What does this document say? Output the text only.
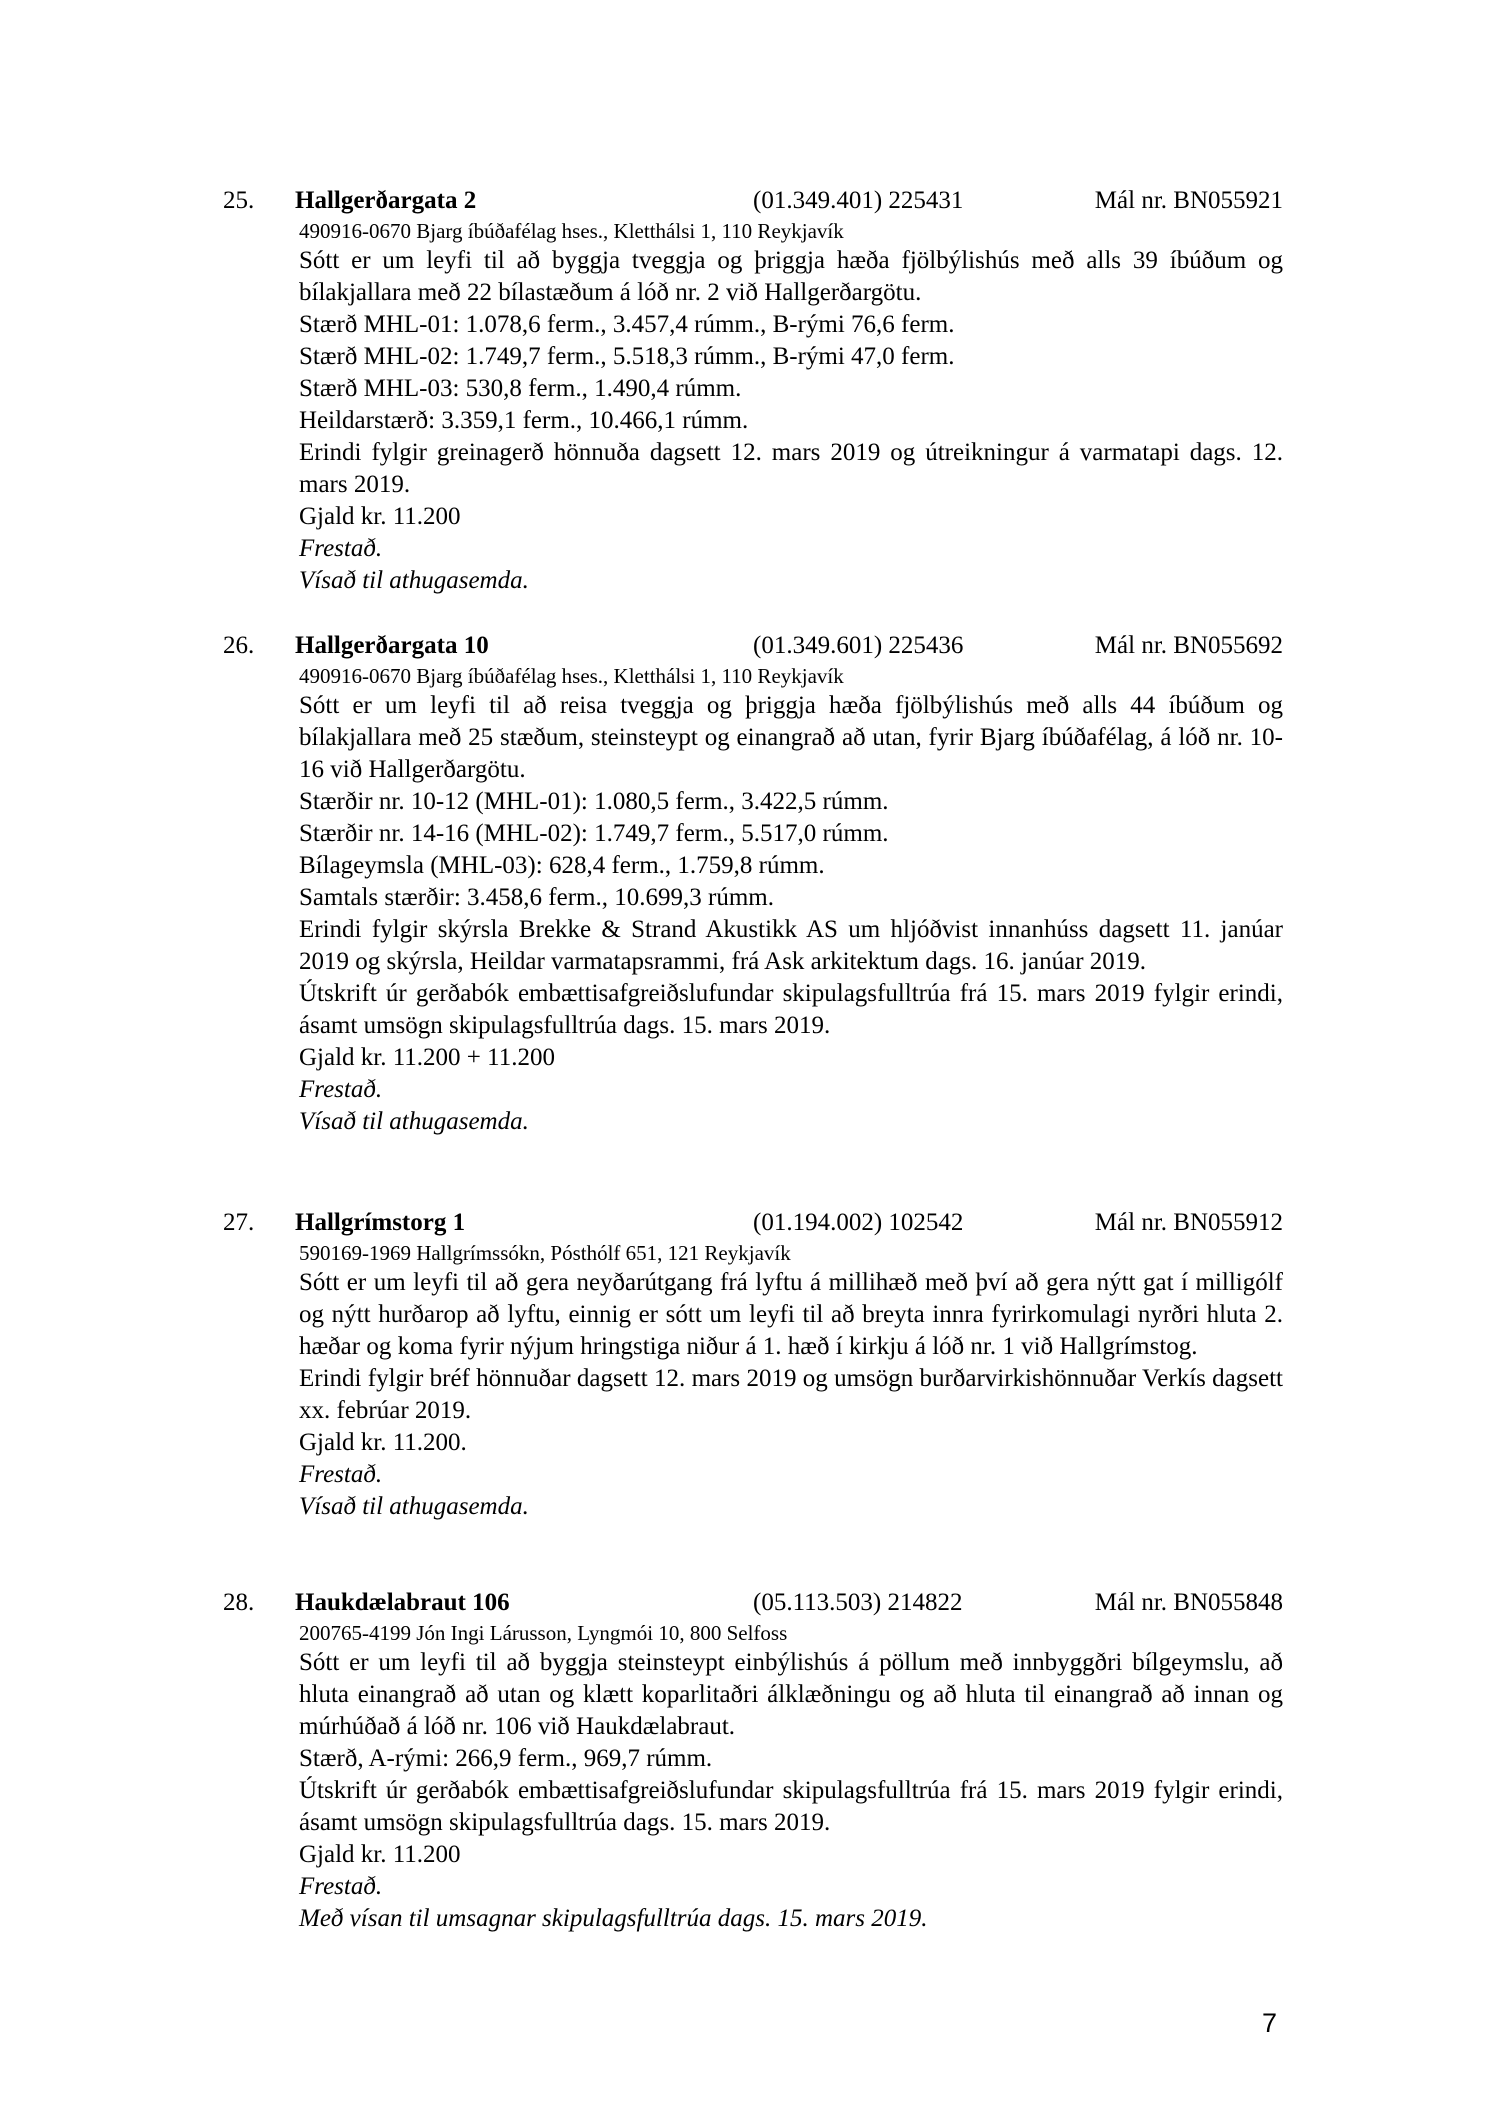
25. Hallgerðargata 2	(01.349.401) 225431	Mál nr. BN055921
490916-0670 Bjarg íbúðafélag hses., Kletthálsi 1, 110 Reykjavík
Sótt er um leyfi til að byggja tveggja og þriggja hæða fjölbýlishús með alls 39 íbúðum og bílakjallara með 22 bílastæðum á lóð nr. 2 við Hallgerðargötu.
Stærð MHL-01: 1.078,6 ferm., 3.457,4 rúmm., B-rými 76,6 ferm.
Stærð MHL-02: 1.749,7 ferm., 5.518,3 rúmm., B-rými 47,0 ferm.
Stærð MHL-03: 530,8 ferm., 1.490,4 rúmm.
Heildarstærð: 3.359,1 ferm., 10.466,1 rúmm.
Erindi fylgir greinagerð hönnuða dagsett 12. mars 2019 og útreikningur á varmatapi dags. 12. mars 2019.
Gjald kr. 11.200
Frestað.
Vísað til athugasemda.
26. Hallgerðargata 10	(01.349.601) 225436	Mál nr. BN055692
490916-0670 Bjarg íbúðafélag hses., Kletthálsi 1, 110 Reykjavík
Sótt er um leyfi til að reisa tveggja og þriggja hæða fjölbýlishús með alls 44 íbúðum og bílakjallara með 25 stæðum, steinsteypt og einangrað að utan, fyrir Bjarg íbúðafélag, á lóð nr. 10-16 við Hallgerðargötu.
Stærðir nr. 10-12 (MHL-01): 1.080,5 ferm., 3.422,5 rúmm.
Stærðir nr. 14-16 (MHL-02): 1.749,7 ferm., 5.517,0 rúmm.
Bílageymsla (MHL-03): 628,4 ferm., 1.759,8 rúmm.
Samtals stærðir: 3.458,6 ferm., 10.699,3 rúmm.
Erindi fylgir skýrsla Brekke & Strand Akustikk AS um hljóðvist innanhúss dagsett 11. janúar 2019 og skýrsla, Heildar varmatapsrammi, frá Ask arkitektum dags. 16. janúar 2019.
Útskrift úr gerðabók embættisafgreiðslufundar skipulagsfulltrúa frá 15. mars 2019 fylgir erindi, ásamt umsögn skipulagsfulltrúa dags. 15. mars 2019.
Gjald kr. 11.200 + 11.200
Frestað.
Vísað til athugasemda.
27. Hallgrímstorg 1	(01.194.002) 102542	Mál nr. BN055912
590169-1969 Hallgrímssókn, Pósthólf 651, 121 Reykjavík
Sótt er um leyfi til að gera neyðarútgang frá lyftu á millihæð með því að gera nýtt gat í milligólf og nýtt hurðarop að lyftu, einnig er sótt um leyfi til að breyta innra fyrirkomulagi nyrðri hluta 2. hæðar og koma fyrir nýjum hringstiga niður á 1. hæð í kirkju á lóð nr. 1 við Hallgrímstog.
Erindi fylgir bréf hönnuðar dagsett 12. mars 2019 og umsögn burðarvirkishönnuðar Verkís dagsett xx. febrúar 2019.
Gjald kr. 11.200.
Frestað.
Vísað til athugasemda.
28. Haukdælabraut 106	(05.113.503) 214822	Mál nr. BN055848
200765-4199 Jón Ingi Lárusson, Lyngmói 10, 800 Selfoss
Sótt er um leyfi til að byggja steinsteypt einbýlishús á pöllum með innbyggðri bílgeymslu, að hluta einangrað að utan og klætt koparlitaðri álklæðningu og að hluta til einangrað að innan og múrhúðað á lóð nr. 106 við Haukdælabraut.
Stærð, A-rými: 266,9 ferm., 969,7 rúmm.
Útskrift úr gerðabók embættisafgreiðslufundar skipulagsfulltrúa frá 15. mars 2019 fylgir erindi, ásamt umsögn skipulagsfulltrúa dags. 15. mars 2019.
Gjald kr. 11.200
Frestað.
Með vísan til umsagnar skipulagsfulltrúa dags. 15. mars 2019.
7
